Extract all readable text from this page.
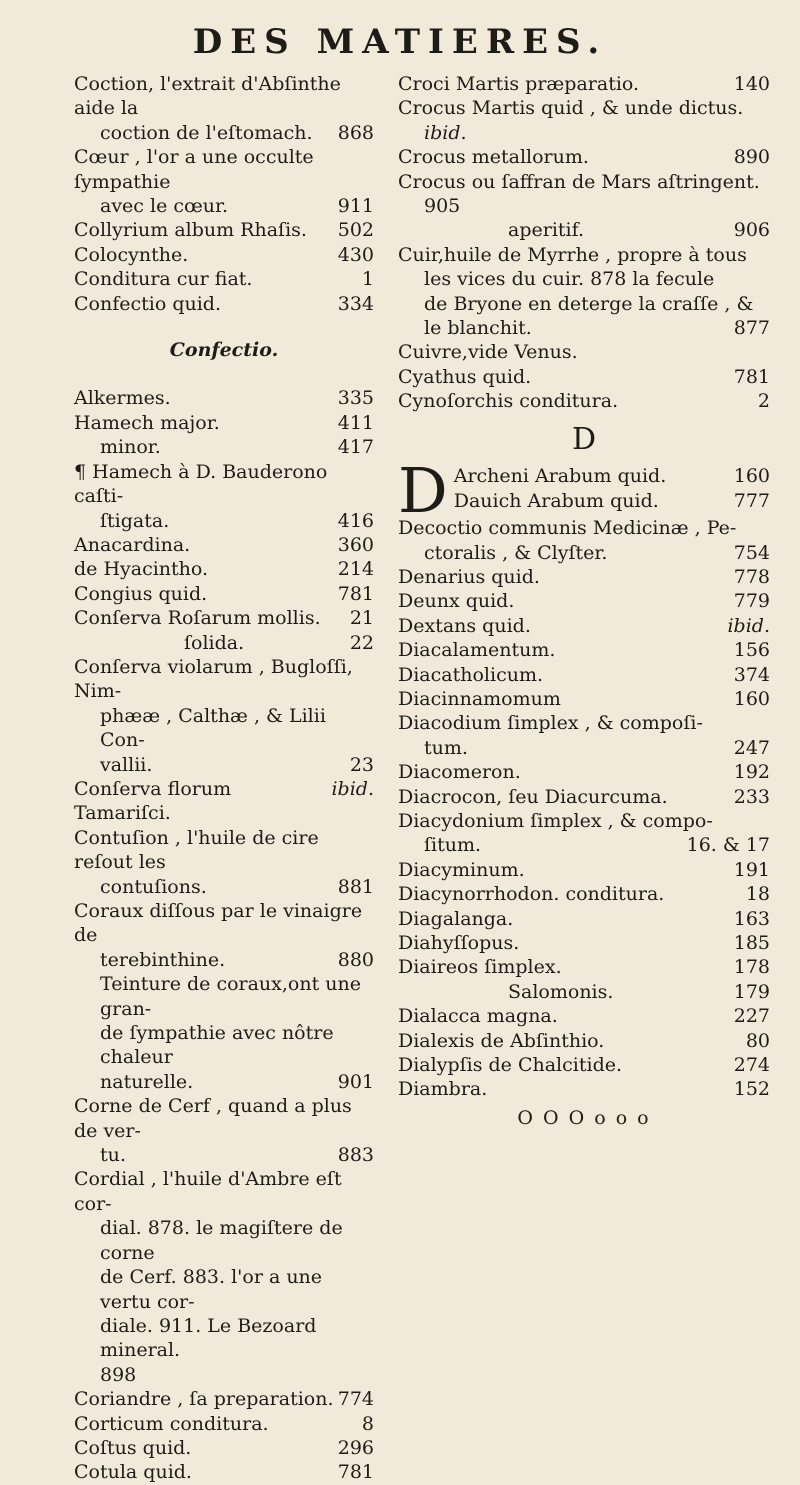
DES MATIERES.
Coction, l'extrait d'Abſinthe aide la
868
coction de l'eſtomach.
Cœur , l'or a une occulte ſympathie
911
avec le cœur.
502
Collyrium album Rhaſis.
430
Colocynthe.
1
Conditura cur fiat.
334
Confectio quid.
Confectio.
335
Alkermes.
411
Hamech major.
417
minor.
¶ Hamech à D. Bauderono caſti-
416
ſtigata.
360
Anacardina.
214
de Hyacintho.
781
Congius quid.
21
Conſerva Roſarum mollis.
22
ſolida.
Conſerva violarum , Bugloſſi, Nim-
phææ , Calthæ , & Lilii Con-
23
vallii.
ibid.
Conſerva florum Tamariſci.
Contuſion , l'huile de cire reſout les
881
contuſions.
Coraux diſſous par le vinaigre de
880
terebinthine.
Teinture de coraux,ont une gran-
de ſympathie avec nôtre chaleur
901
naturelle.
Corne de Cerf , quand a plus de ver-
883
tu.
Cordial , l'huile d'Ambre eſt cor-
dial. 878. le magiſtere de corne
de Cerf. 883. l'or a une vertu cor-
diale. 911. Le Bezoard mineral.
898
774
Coriandre , ſa preparation.
8
Corticum conditura.
296
Coſtus quid.
781
Cotula quid.
140
Croci Martis præparatio.
Crocus Martis quid , & unde dictus.
ibid.
890
Crocus metallorum.
Crocus ou ſaffran de Mars aſtringent.
905
906
aperitif.
Cuir,huile de Myrrhe , propre à tous
les vices du cuir. 878 la fecule
de Bryone en deterge la craſſe , &
877
le blanchit.
Cuivre,vide Venus.
781
Cyathus quid.
2
Cynoſorchis conditura.
D
D	160
Archeni Arabum quid.
777
Dauich Arabum quid.
Decoctio communis Medicinæ , Pe-
754
ctoralis , & Clyſter.
778
Denarius quid.
779
Deunx quid.
ibid.
Dextans quid.
156
Diacalamentum.
374
Diacatholicum.
160
Diacinnamomum
Diacodium ſimplex , & compoſi-
247
tum.
192
Diacomeron.
233
Diacrocon, ſeu Diacurcuma.
Diacydonium ſimplex , & compo-
16. & 17
ſitum.
191
Diacyminum.
18
Diacynorrhodon. conditura.
163
Diagalanga.
185
Diahyſſopus.
178
Diaireos ſimplex.
179
Salomonis.
227
Dialacca magna.
80
Dialexis de Abſinthio.
274
Dialypſis de Chalcitide.
152
Diambra.
O O O o o o
